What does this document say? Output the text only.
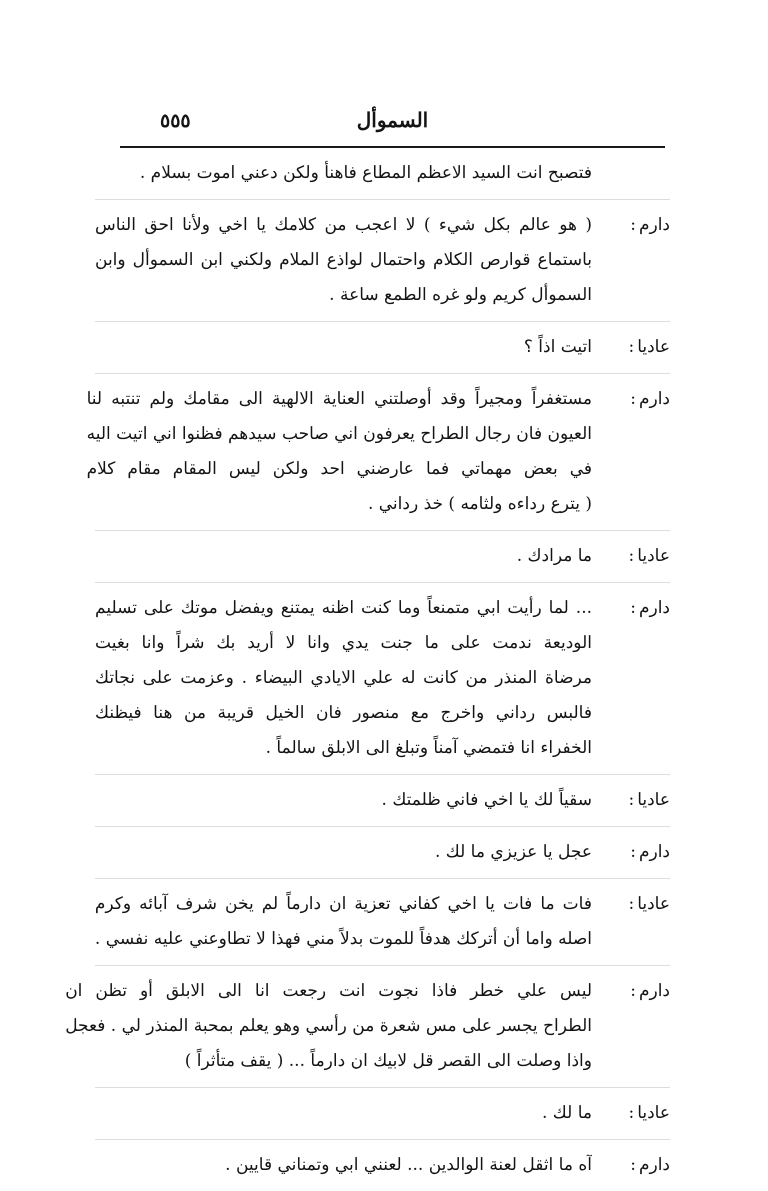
السموأل
٥٥٥
فتصبح انت السيد الاعظم المطاع فاهنأ ولكن دعني اموت بسلام .
دارم:
( هو عالم بكل شيء ) لا اعجب من كلامك يا اخي ولأنا احق الناس
باستماع قوارص الكلام واحتمال لواذع الملام ولكني ابن السموأل وابن
السموأل كريم ولو غره الطمع ساعة .
عاديا:
اتيت اذاً ؟
دارم:
مستغفراً ومجيراً وقد أوصلتني العناية الالهية الى مقامك ولم تنتبه لنا
العيون فان رجال الطراح يعرفون اني صاحب سيدهم فظنوا اني اتيت اليه
في بعض مهماتي فما عارضني احد ولكن ليس المقام مقام كلام
( يترع رداءه ولثامه ) خذ رداني .
عاديا:
ما مرادك .
دارم:
... لما رأيت ابي متمنعاً وما كنت اظنه يمتنع ويفضل موتك على تسليم
الوديعة ندمت على ما جنت يدي وانا لا أريد بك شراً وانا بغيت
مرضاة المنذر من كانت له علي الايادي البيضاء . وعزمت على نجاتك
فالبس رداني واخرج مع منصور فان الخيل قريبة من هنا فيظنك
الخفراء انا فتمضي آمناً وتبلغ الى الابلق سالماً .
عاديا:
سقياً لك يا اخي فاني ظلمتك .
دارم:
عجل يا عزيزي ما لك .
عاديا:
فات ما فات يا اخي كفاني تعزية ان دارماً لم يخن شرف آبائه وكرم
اصله واما أن أتركك هدفاً للموت بدلاً مني فهذا لا تطاوعني عليه نفسي .
دارم:
ليس علي خطر فاذا نجوت انت رجعت انا الى الابلق أو تظن ان
الطراح يجسر على مس شعرة من رأسي وهو يعلم بمحبة المنذر لي . فعجل
واذا وصلت الى القصر قل لابيك ان دارماً ... ( يقف متأثراً )
عاديا:
ما لك .
دارم:
آه ما اثقل لعنة الوالدين ... لعنني ابي وتمناني قايين .
